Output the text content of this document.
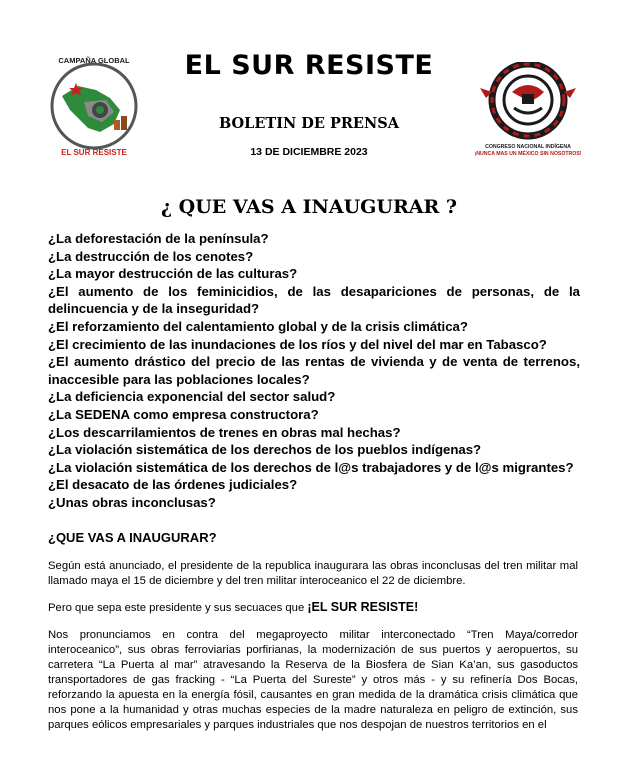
CAMPAÑA GLOBAL
EL SUR RESISTE
EL SUR RESISTE
BOLETIN DE PRENSA
13 DE DICIEMBRE 2023	CONGRESO NACIONAL INDÍGENA
¡NUNCA MAS UN MÉXICO SIN NOSOTROS!
¿ QUE VAS A INAUGURAR ?

¿La deforestación de la península?

¿La destrucción de los cenotes?

¿La mayor destrucción de las culturas?

¿El aumento de los feminicidios, de las desapariciones de personas, de la delincuencia y de la inseguridad?

¿El reforzamiento del calentamiento global y de la crisis climática?

¿El crecimiento de las inundaciones de los ríos y del nivel del mar en Tabasco?

¿El aumento drástico del precio de las rentas de vivienda y de venta de terrenos, inaccesible para las poblaciones locales?

¿La deficiencia exponencial del sector salud?

¿La SEDENA como empresa constructora?

¿Los descarrilamientos de trenes en obras mal hechas?

¿La violación sistemática de los derechos de los pueblos indígenas?

¿La violación sistemática de los derechos de l@s trabajadores y de l@s migrantes?

¿El desacato de las órdenes judiciales?

¿Unas obras inconclusas?

¿QUE VAS A INAUGURAR?

Según está anunciado, el presidente de la republica inaugurara las obras inconclusas del tren militar mal llamado maya el 15 de diciembre y del tren militar interoceanico el 22 de diciembre.

Pero que sepa este presidente y sus secuaces que ¡EL SUR RESISTE!

Nos pronunciamos en contra del megaproyecto militar interconectado “Tren Maya/corredor interoceanico”, sus obras ferroviarias porfirianas, la modernización de sus puertos y aeropuertos, su carretera “La Puerta al mar” atravesando la Reserva de la Biosfera de Sian Ka’an, sus gasoductos transportadores de gas fracking - “La Puerta del Sureste” y otros más - y su refinería Dos Bocas, reforzando la apuesta en la energía fósil, causantes en gran medida de la dramática crisis climática que nos pone a la humanidad y otras muchas especies de la madre naturaleza en peligro de extinción, sus parques eólicos empresariales y parques industriales que nos despojan de nuestros territorios en el
